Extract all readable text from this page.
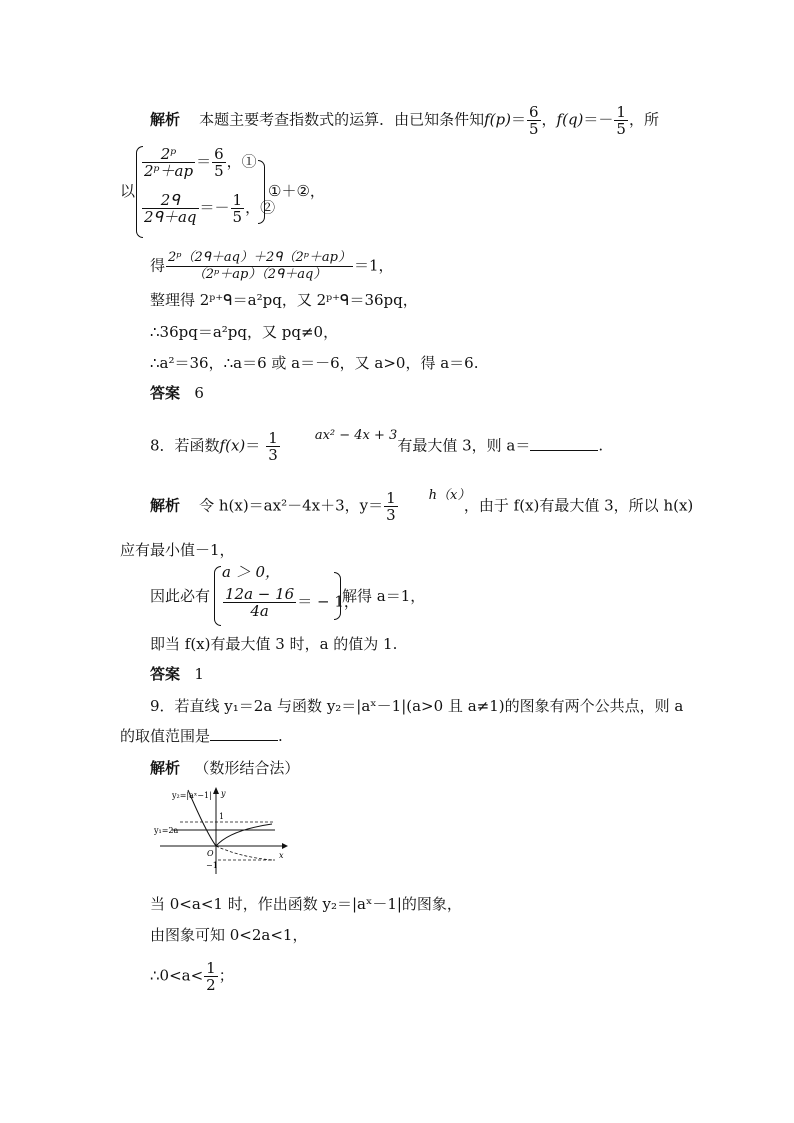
解析 本题主要考查指数式的运算．由已知条件知$f(p)= \frac{6}{5}$ ，$f(q)=- \frac{1}{5}$ ，所
以
$\frac{\text{2ᵖ}}{\text{2ᵖ＋ap}} = \frac{6}{5}$ ，①
$\frac{\text{2ᑫ}}{\text{2ᑫ＋aq}} =- \frac{1}{5}$ ，②
①＋②，
得 $\frac{\text{2ᵖ（2ᑫ＋aq）＋2ᑫ（2ᵖ＋ap）}}{\text{（2ᵖ＋ap）（2ᑫ＋aq）}} =1$，
整理得 2ᵖ⁺ᑫ＝a²pq，又 2ᵖ⁺ᑫ＝36pq，
∴36pq＝a²pq，又 pq≠0，
∴a²＝36，∴a＝6 或 a＝－6，又 a>0，得 a＝6.
答案 6
8．若函数$f(x)= \frac{1}{3}$	ax² − 4x + 3有最大值 3，则 a＝	.
解析 令 h(x)＝ax²－4x＋3，$y= \frac{1}{3} h(x)$，由于 f(x)有最大值 3，所以 h(x)
应有最小值－1，
因此必有
a ＞ 0，
$\frac{12a - 16}{4a}$ ＝ − 1，
解得 a＝1，
即当 f(x)有最大值 3 时，a 的值为 1.
答案 1
9．若直线 y₁＝2a 与函数 y₂＝|aˣ－1|(a>0 且 a≠1)的图象有两个公共点，则 a
的取值范围是	.
解析 （数形结合法）
y₂=|aˣ−1| y
y₁=2a
1
O	x
−1
当 0<a<1 时，作出函数 y₂＝|aˣ－1|的图象，
由图象可知 0<2a<1，
∴0<a< $\frac{1}{2}$ ；
